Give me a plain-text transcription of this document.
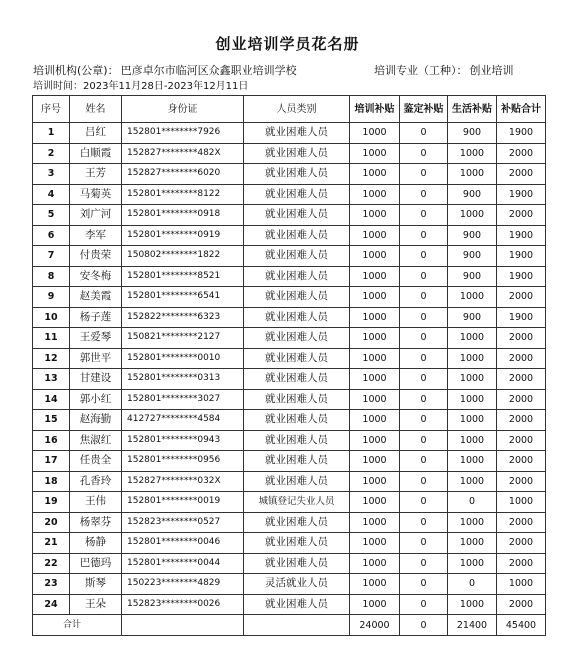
创业培训学员花名册
培训机构(公章)： 巴彦卓尔市临河区众鑫职业培训学校	培训专业（工种）： 创业培训
培训时间：2023年11月28日-2023年12月11日
序号	姓名	身份证	人员类别	培训补贴	鉴定补贴	生活补贴	补贴合计
1	吕红	152801********7926	就业困难人员	1000	0	900	1900
2	白顺霞	152827********482X	就业困难人员	1000	0	1000	2000
3	王芳	152827********6020	就业困难人员	1000	0	1000	2000
4	马菊英	152801********8122	就业困难人员	1000	0	900	1900
5	刘广河	152801********0918	就业困难人员	1000	0	1000	2000
6	李军	152801********0919	就业困难人员	1000	0	900	1900
7	付贵荣	150802********1822	就业困难人员	1000	0	900	1900
8	安冬梅	152801********8521	就业困难人员	1000	0	900	1900
9	赵美霞	152801********6541	就业困难人员	1000	0	1000	2000
10	杨子莲	152822********6323	就业困难人员	1000	0	900	1900
11	王爱琴	150821********2127	就业困难人员	1000	0	1000	2000
12	郭世平	152801********0010	就业困难人员	1000	0	1000	2000
13	甘建设	152801********0313	就业困难人员	1000	0	1000	2000
14	郭小红	152801********3027	就业困难人员	1000	0	1000	2000
15	赵海勤	412727********4584	就业困难人员	1000	0	1000	2000
16	焦淑红	152801********0943	就业困难人员	1000	0	1000	2000
17	任贵全	152801********0956	就业困难人员	1000	0	1000	2000
18	孔香玲	152827********032X	就业困难人员	1000	0	1000	2000
19	王伟	152801********0019	城镇登记失业人员	1000	0	0	1000
20	杨翠芬	152823********0527	就业困难人员	1000	0	1000	2000
21	杨静	152801********0046	就业困难人员	1000	0	1000	2000
22	巴德玛	152801********0044	就业困难人员	1000	0	1000	2000
23	斯琴	150223********4829	灵活就业人员	1000	0	0	1000
24	王朵	152823********0026	就业困难人员	1000	0	1000	2000
合计				24000	0	21400	45400
